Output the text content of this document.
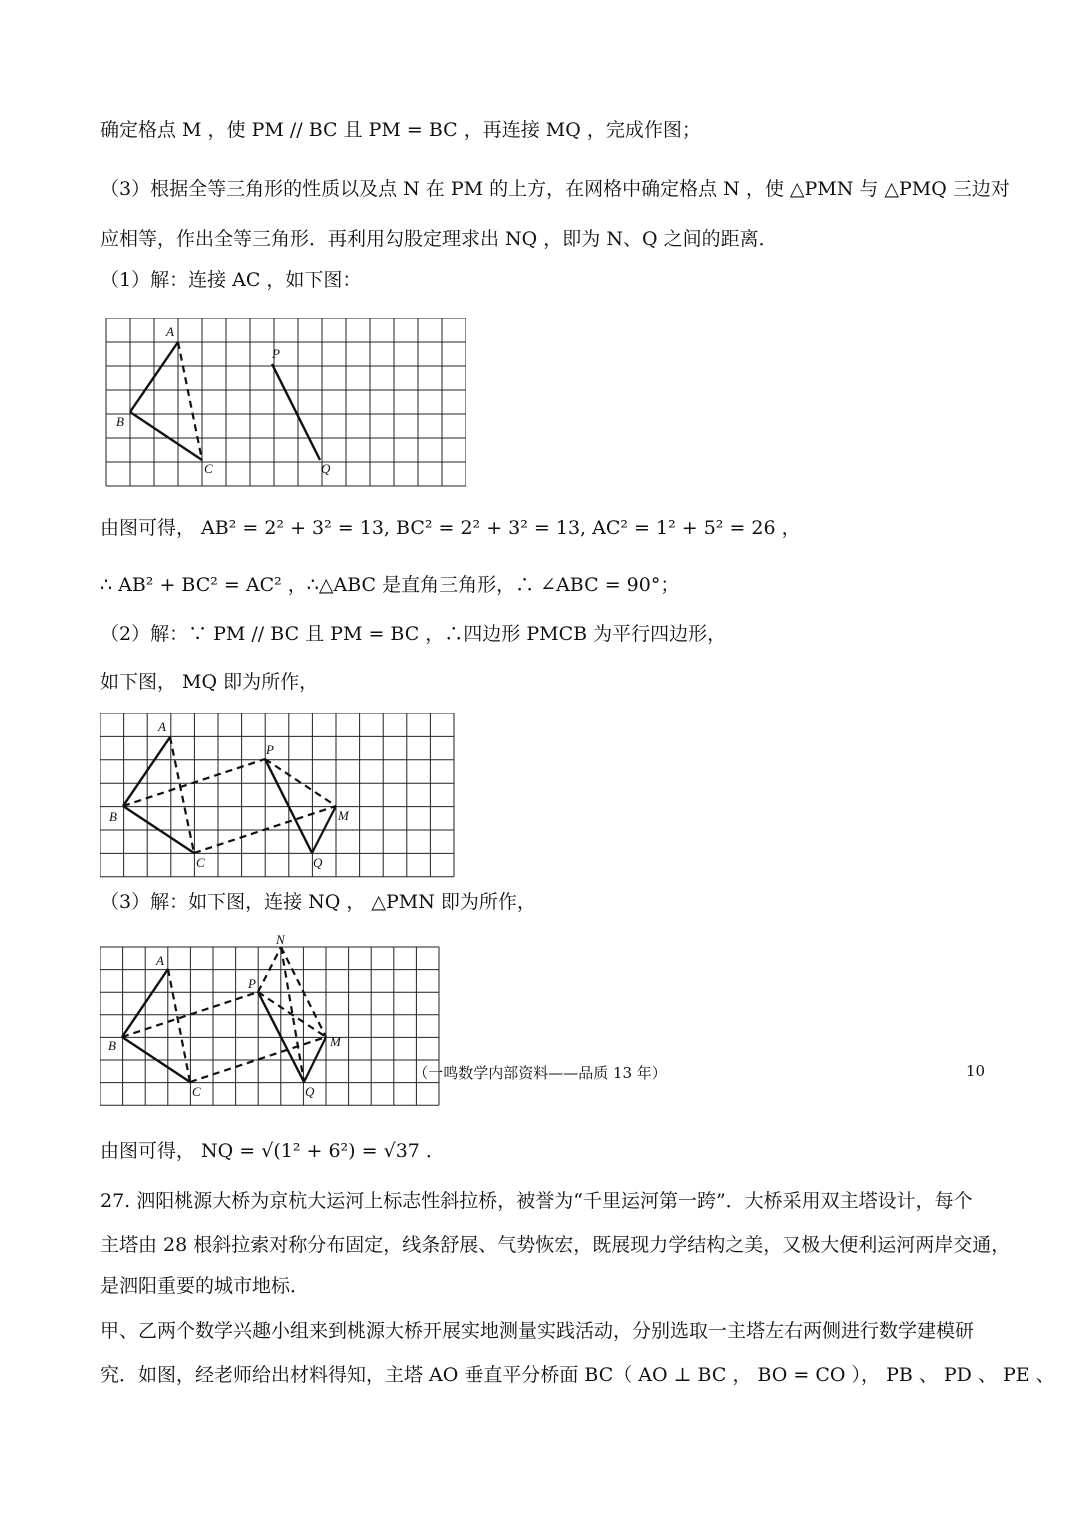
确定格点 M ，使 PM // BC 且 PM = BC ，再连接 MQ ，完成作图；
（3）根据全等三角形的性质以及点 N 在 PM 的上方，在网格中确定格点 N ，使 △PMN 与 △PMQ 三边对
应相等，作出全等三角形．再利用勾股定理求出 NQ ，即为 N、Q 之间的距离．
（1）解：连接 AC ，如下图：
A
B
C
P
Q
由图可得， AB² = 2² + 3² = 13, BC² = 2² + 3² = 13, AC² = 1² + 5² = 26 ，
∴ AB² + BC² = AC² ，∴△ABC 是直角三角形，∴ ∠ABC = 90°；
（2）解：∵ PM // BC 且 PM = BC ，∴四边形 PMCB 为平行四边形，
如下图， MQ 即为所作，
A
B
C
P
Q
M
（3）解：如下图，连接 NQ ， △PMN 即为所作，
N
A
B
C
P
Q
M
由图可得， NQ = √(1² + 6²) = √37 ．
27. 泗阳桃源大桥为京杭大运河上标志性斜拉桥，被誉为“千里运河第一跨”．大桥采用双主塔设计，每个
主塔由 28 根斜拉索对称分布固定，线条舒展、气势恢宏，既展现力学结构之美，又极大便利运河两岸交通，
是泗阳重要的城市地标．
甲、乙两个数学兴趣小组来到桃源大桥开展实地测量实践活动，分别选取一主塔左右两侧进行数学建模研
究．如图，经老师给出材料得知，主塔 AO 垂直平分桥面 BC（ AO ⊥ BC ， BO = CO ）， PB 、 PD 、 PE 、
（一鸣数学内部资料——品质 13 年）	10
